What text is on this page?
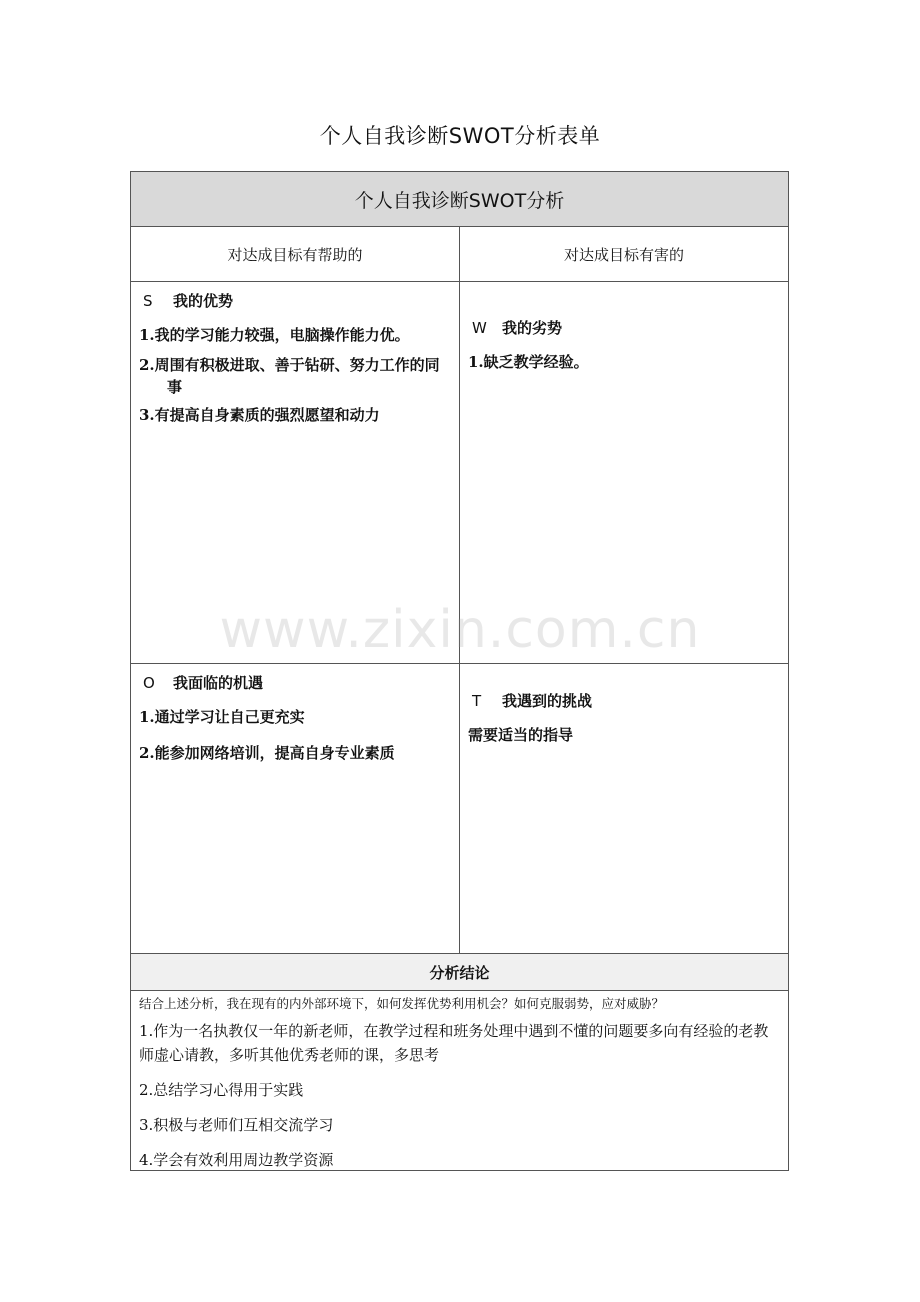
个人自我诊断SWOT分析表单
个人自我诊断SWOT分析
对达成目标有帮助的	对达成目标有害的
S 我的优势
1.我的学习能力较强，电脑操作能力优。
2.周围有积极进取、善于钻研、努力工作的同事
3.有提高自身素质的强烈愿望和动力
W 我的劣势
1.缺乏教学经验。
O 我面临的机遇
1.通过学习让自己更充实
2.能参加网络培训，提高自身专业素质
T 我遇到的挑战
需要适当的指导
分析结论
结合上述分析，我在现有的内外部环境下，如何发挥优势利用机会？如何克服弱势，应对威胁？
1.作为一名执教仅一年的新老师，在教学过程和班务处理中遇到不懂的问题要多向有经验的老教师虚心请教，多听其他优秀老师的课，多思考
2.总结学习心得用于实践
3.积极与老师们互相交流学习
4.学会有效利用周边教学资源
www.zixin.com.cn
